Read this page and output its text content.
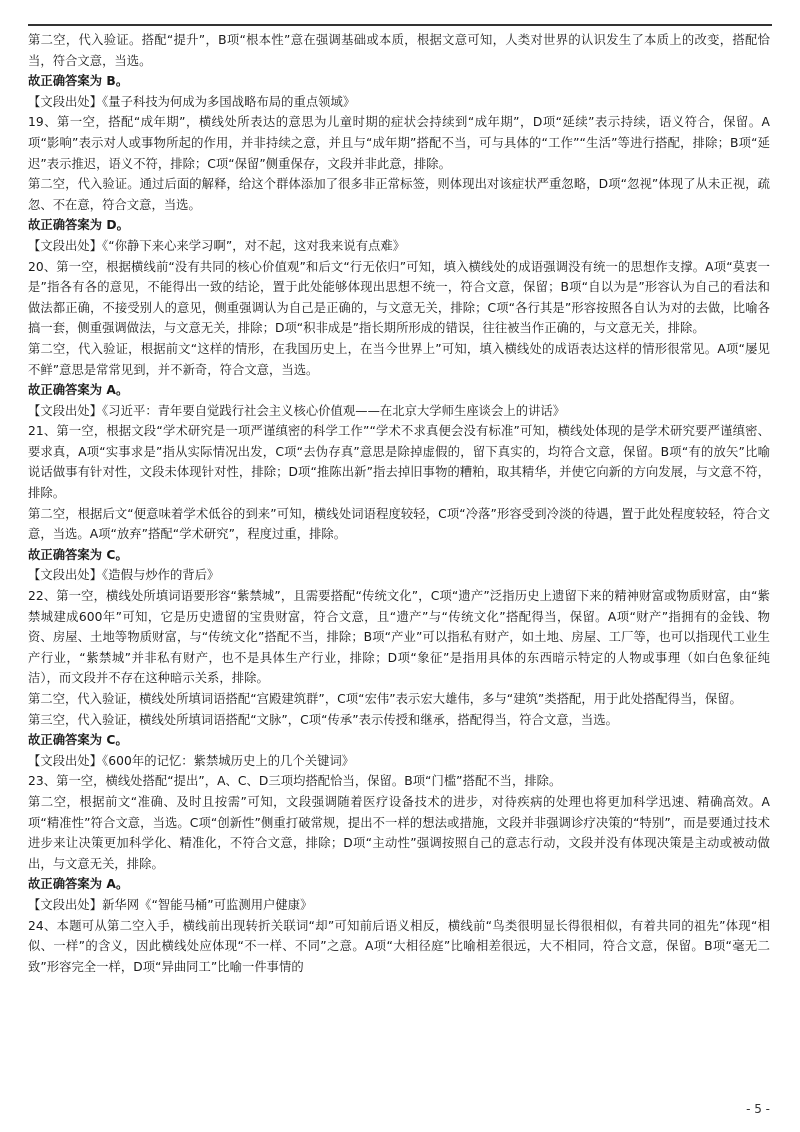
第二空，代入验证。搭配“提升”，B项“根本性”意在强调基础或本质，根据文意可知，人类对世界的认识发生了本质上的改变，搭配恰当，符合文意，当选。

故正确答案为 B。

【文段出处】《量子科技为何成为多国战略布局的重点领域》

19、第一空，搭配“成年期”，横线处所表达的意思为儿童时期的症状会持续到“成年期”，D项“延续”表示持续，语义符合，保留。A项“影响”表示对人或事物所起的作用，并非持续之意，并且与“成年期”搭配不当，可与具体的“工作”“生活”等进行搭配，排除；B项“延迟”表示推迟，语义不符，排除；C项“保留”侧重保存，文段并非此意，排除。

第二空，代入验证。通过后面的解释，给这个群体添加了很多非正常标签，则体现出对该症状严重忽略，D项“忽视”体现了从未正视，疏忽、不在意，符合文意，当选。

故正确答案为 D。

【文段出处】《“你静下来心来学习啊”，对不起，这对我来说有点难》

20、第一空，根据横线前“没有共同的核心价值观”和后文“行无依归”可知，填入横线处的成语强调没有统一的思想作支撑。A项“莫衷一是”指各有各的意见，不能得出一致的结论，置于此处能够体现出思想不统一，符合文意，保留；B项“自以为是”形容认为自己的看法和做法都正确，不接受别人的意见，侧重强调认为自己是正确的，与文意无关，排除；C项“各行其是”形容按照各自认为对的去做，比喻各搞一套，侧重强调做法，与文意无关，排除；D项“积非成是”指长期所形成的错误，往往被当作正确的，与文意无关，排除。

第二空，代入验证，根据前文“这样的情形，在我国历史上，在当今世界上”可知，填入横线处的成语表达这样的情形很常见。A项“屡见不鲜”意思是常常见到，并不新奇，符合文意，当选。

故正确答案为 A。

【文段出处】《习近平：青年要自觉践行社会主义核心价值观——在北京大学师生座谈会上的讲话》

21、第一空，根据文段“学术研究是一项严谨缜密的科学工作”“学术不求真便会没有标准”可知，横线处体现的是学术研究要严谨缜密、要求真，A项“实事求是”指从实际情况出发，C项“去伪存真”意思是除掉虚假的，留下真实的，均符合文意，保留。B项“有的放矢”比喻说话做事有针对性，文段未体现针对性，排除；D项“推陈出新”指去掉旧事物的糟粕，取其精华，并使它向新的方向发展，与文意不符，排除。

第二空，根据后文“便意味着学术低谷的到来”可知，横线处词语程度较轻，C项“冷落”形容受到冷淡的待遇，置于此处程度较轻，符合文意，当选。A项“放弃”搭配“学术研究”，程度过重，排除。

故正确答案为 C。

【文段出处】《造假与炒作的背后》

22、第一空，横线处所填词语要形容“紫禁城”，且需要搭配“传统文化”，C项“遗产”泛指历史上遗留下来的精神财富或物质财富，由“紫禁城建成600年”可知，它是历史遗留的宝贵财富，符合文意，且“遗产”与“传统文化”搭配得当，保留。A项“财产”指拥有的金钱、物资、房屋、土地等物质财富，与“传统文化”搭配不当，排除；B项“产业”可以指私有财产，如土地、房屋、工厂等，也可以指现代工业生产行业，“紫禁城”并非私有财产，也不是具体生产行业，排除；D项“象征”是指用具体的东西暗示特定的人物或事理（如白色象征纯洁），而文段并不存在这种暗示关系，排除。

第二空，代入验证，横线处所填词语搭配“宫殿建筑群”，C项“宏伟”表示宏大雄伟，多与“建筑”类搭配，用于此处搭配得当，保留。

第三空，代入验证，横线处所填词语搭配“文脉”，C项“传承”表示传授和继承，搭配得当，符合文意，当选。

故正确答案为 C。

【文段出处】《600年的记忆：紫禁城历史上的几个关键词》

23、第一空，横线处搭配“提出”，A、C、D三项均搭配恰当，保留。B项“门槛”搭配不当，排除。

第二空，根据前文“准确、及时且按需”可知，文段强调随着医疗设备技术的进步，对待疾病的处理也将更加科学迅速、精确高效。A项“精准性”符合文意，当选。C项“创新性”侧重打破常规，提出不一样的想法或措施，文段并非强调诊疗决策的“特别”，而是要通过技术进步来让决策更加科学化、精准化，不符合文意，排除；D项“主动性”强调按照自己的意志行动，文段并没有体现决策是主动或被动做出，与文意无关，排除。

故正确答案为 A。

【文段出处】新华网《“智能马桶”可监测用户健康》

24、本题可从第二空入手，横线前出现转折关联词“却”可知前后语义相反，横线前“鸟类很明显长得很相似，有着共同的祖先”体现“相似、一样”的含义，因此横线处应体现“不一样、不同”之意。A项“大相径庭”比喻相差很远，大不相同，符合文意，保留。B项“毫无二致”形容完全一样，D项“异曲同工”比喻一件事情的

- 5 -
